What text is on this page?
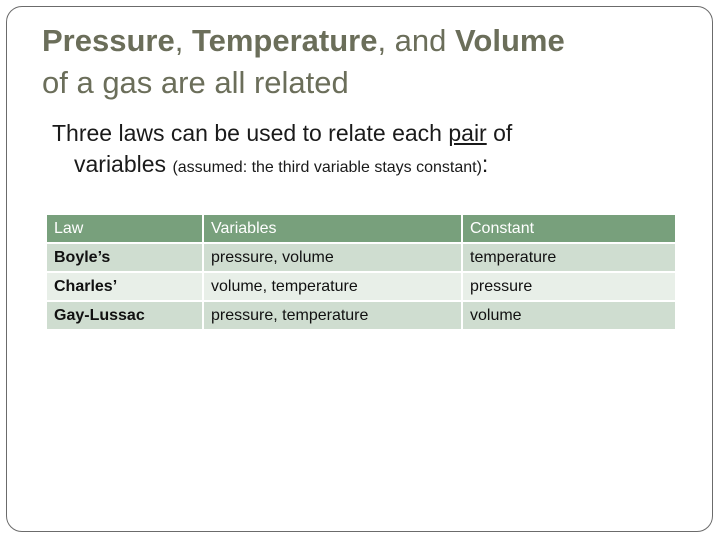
Pressure, Temperature, and Volume
of a gas are all related
Three laws can be used to relate each pair of
variables (assumed: the third variable stays constant):
Law	Variables	Constant
Boyle’s	pressure, volume	temperature
Charles’	volume, temperature	pressure
Gay-Lussac	pressure, temperature	volume
